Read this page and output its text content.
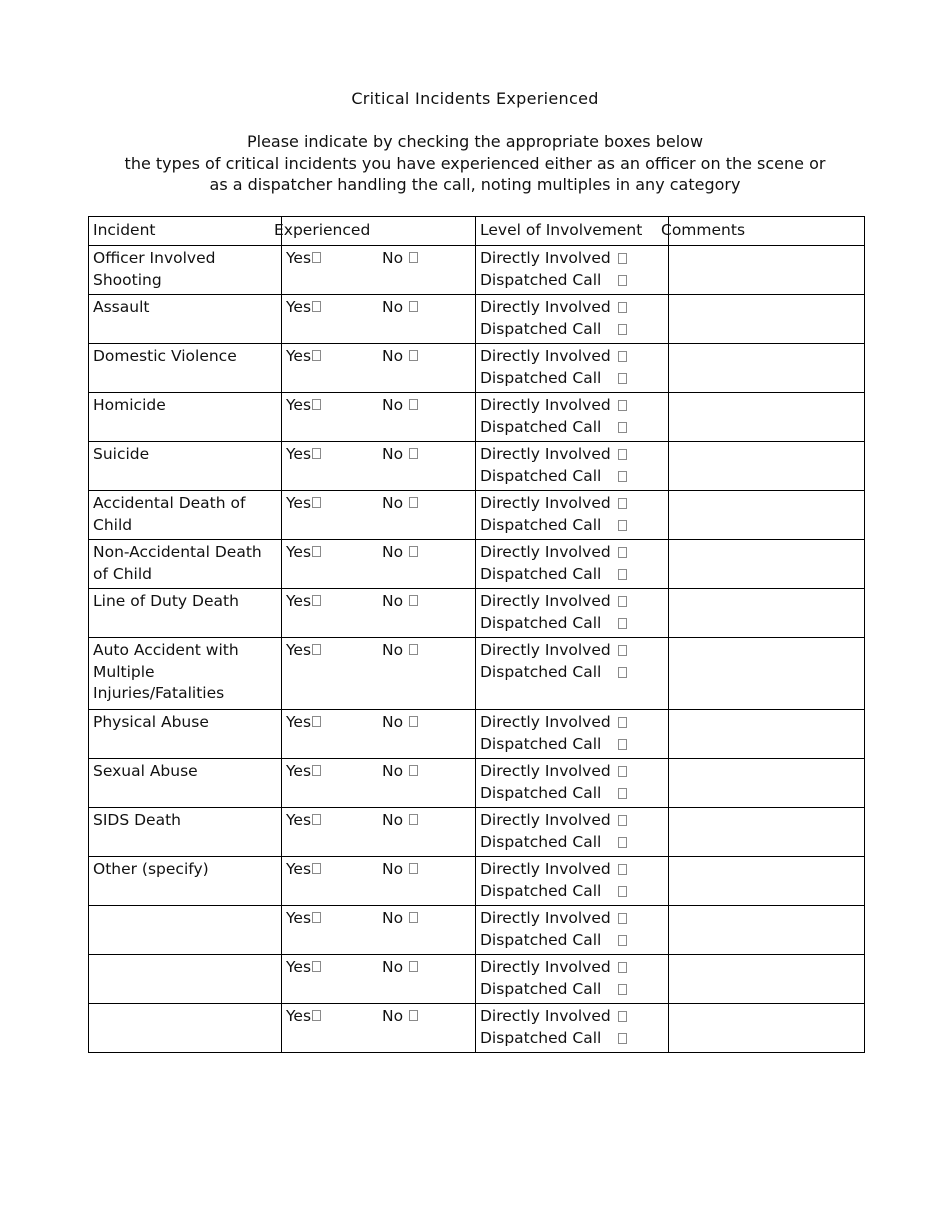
Critical Incidents Experienced
Please indicate by checking the appropriate boxes below
the types of critical incidents you have experienced either as an officer on the scene or
as a dispatcher handling the call, noting multiples in any category
Incident	Experienced	Level of Involvement	Comments
Officer Involved Shooting	Yes No	Directly Involved
Dispatched Call	

Assault	Yes No	Directly Involved
Dispatched Call	

Domestic Violence	Yes No	Directly Involved
Dispatched Call	

Homicide	Yes No	Directly Involved
Dispatched Call	

Suicide	Yes No	Directly Involved
Dispatched Call	

Accidental Death of Child	Yes No	Directly Involved
Dispatched Call	

Non-Accidental Death of Child	Yes No	Directly Involved
Dispatched Call	

Line of Duty Death	Yes No	Directly Involved
Dispatched Call	

Auto Accident with Multiple Injuries/Fatalities	Yes No	Directly Involved
Dispatched Call	

Physical Abuse	Yes No	Directly Involved
Dispatched Call	

Sexual Abuse	Yes No	Directly Involved
Dispatched Call	

SIDS Death	Yes No	Directly Involved
Dispatched Call	

Other (specify)	Yes No	Directly Involved
Dispatched Call	

	Yes No	Directly Involved
Dispatched Call	

	Yes No	Directly Involved
Dispatched Call	

	Yes No	Directly Involved
Dispatched Call	
